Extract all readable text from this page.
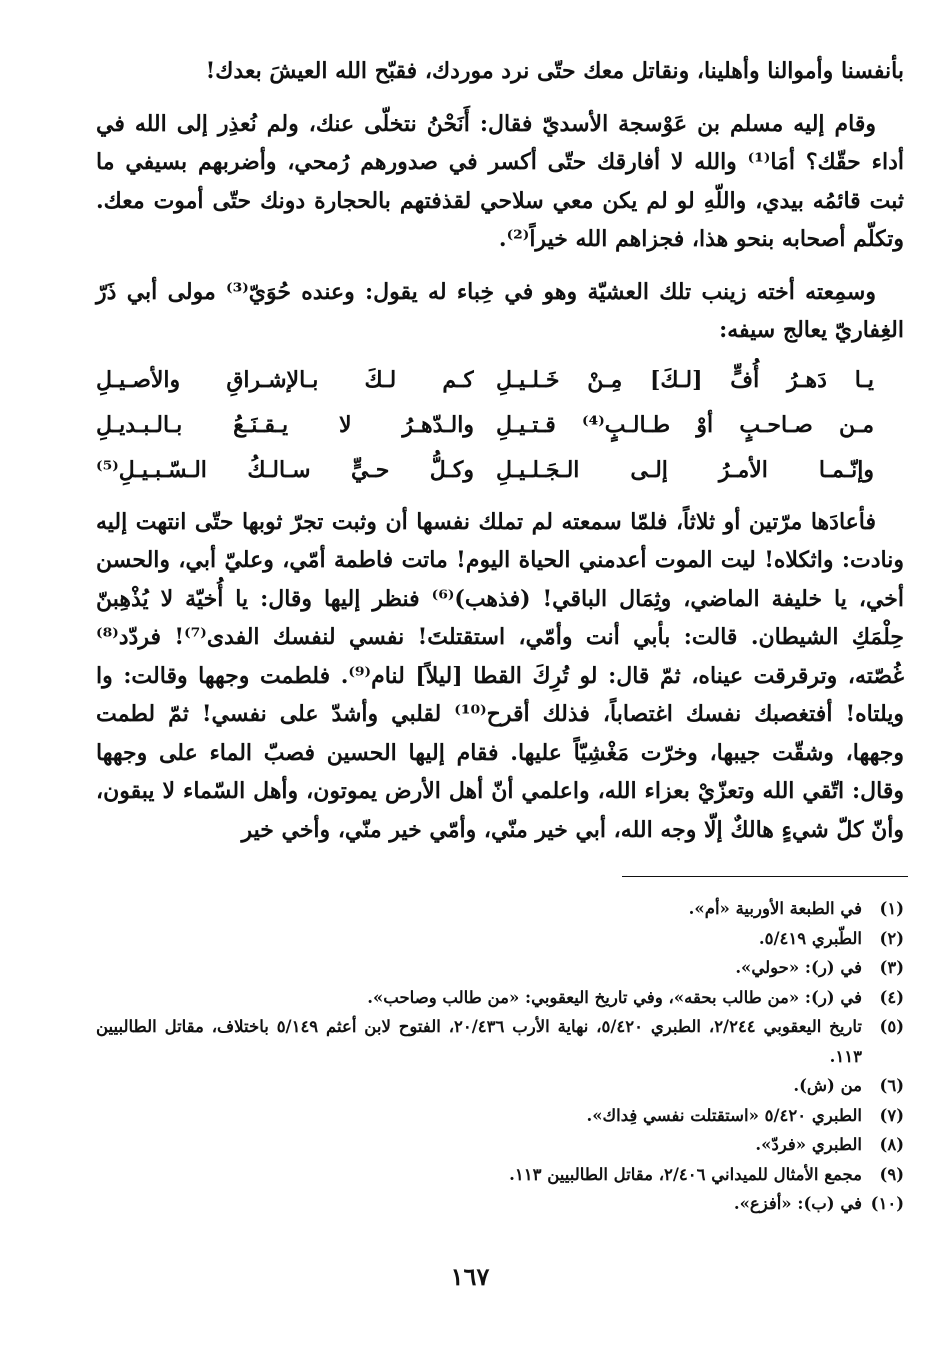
بأنفسنا وأموالنا وأهلينا، ونقاتل معك حتّى نرد موردك، فقبّح الله العيشَ بعدك!

وقام إليه مسلم بن عَوْسجة الأسديّ فقال: أَنَحْنُ نتخلّى عنك، ولم نُعذِر إلى الله في أداء حقّك؟ أمَا⁽¹⁾ والله لا أفارقك حتّى أكسر في صدورهم رُمحي، وأضربهم بسيفي ما ثبت قائمُه بيدي، واللّهِ لو لم يكن معي سلاحي لقذفتهم بالحجارة دونك حتّى أموت معك. وتكلّم أصحابه بنحو هذا، فجزاهم الله خيراً⁽²⁾.

وسمِعته أخته زينب تلك العشيّة وهو في خِباء له يقول: وعنده حُوَيّ⁽³⁾ مولى أبي ذَرّ الغِفاريّ يعالج سيفه:

يـا دَهـرُ أُفٍّ [لـكَ] مِـنْ خَـلـيـلِ
كـم لـكَ بـالإشـراقِ والأصـيـلِ
مـن صـاحـبٍ أوْ طـالـبٍ⁽⁴⁾ قـتـيـلِ
والـدّهـرُ لا يـقـنَـعُ بـالـبـديـلِ
وإنّـمـا الأمـرُ إلـى الـجَـلـيـلِ
وكـلُّ حـيٍّ سـالـكُ الـسّـبـيـلِ⁽⁵⁾

فأعادَها مرّتين أو ثلاثاً، فلمّا سمعته لم تملك نفسها أن وثبت تجرّ ثوبها حتّى انتهت إليه ونادت: واثكلاه! ليت الموت أعدمني الحياة اليوم! ماتت فاطمة أمّي، وعليّ أبي، والحسن أخي، يا خليفة الماضي، وثِمَال الباقي! (فذهب)⁽⁶⁾ فنظر إليها وقال: يا أُخيّة لا يُذْهِبنّ حِلْمَكِ الشيطان. قالت: بأبي أنت وأمّي، استقتلتَ! نفسي لنفسك الفدى⁽⁷⁾! فردّد⁽⁸⁾ غُصّته، وترقرقت عيناه، ثمّ قال: لو تُرِكَ القطا [ليلاً] لنام⁽⁹⁾. فلطمت وجهها وقالت: وا ويلتاه! أفتغصبك نفسك اغتصاباً، فذلك أقرح⁽¹⁰⁾ لقلبي وأشدّ على نفسي! ثمّ لطمت وجهها، وشقّت جيبها، وخرّت مَغْشِيّاً عليها. فقام إليها الحسين فصبّ الماء على وجهها وقال: اتّقي الله وتعزّيْ بعزاء الله، واعلمي أنّ أهل الأرض يموتون، وأهل السّماء لا يبقون، وأنّ كلّ شيءٍ هالكٌ إلّا وجه الله، أبي خير منّي، وأمّي خير منّي، وأخي خير

(١)
في الطبعة الأوربية «أم».
(٢)
الطّبري ٥/٤١٩.
(٣)
في (ر): «حولي».
(٤)
في (ر): «من طالب بحقه»، وفي تاريخ اليعقوبي: «من طالب وصاحب».
(٥)
تاريخ اليعقوبي ٢/٢٤٤، الطبري ٥/٤٢٠، نهاية الأرب ٢٠/٤٣٦، الفتوح لابن أعثم ٥/١٤٩ باختلاف، مقاتل الطالبيين ١١٣.
(٦)
من (ش).
(٧)
الطبري ٥/٤٢٠ «استقتلت نفسي فِداك».
(٨)
الطبري «فردّ».
(٩)
مجمع الأمثال للميداني ٢/٤٠٦، مقاتل الطالبيين ١١٣.
(١٠)
في (ب): «أفزع».
١٦٧
